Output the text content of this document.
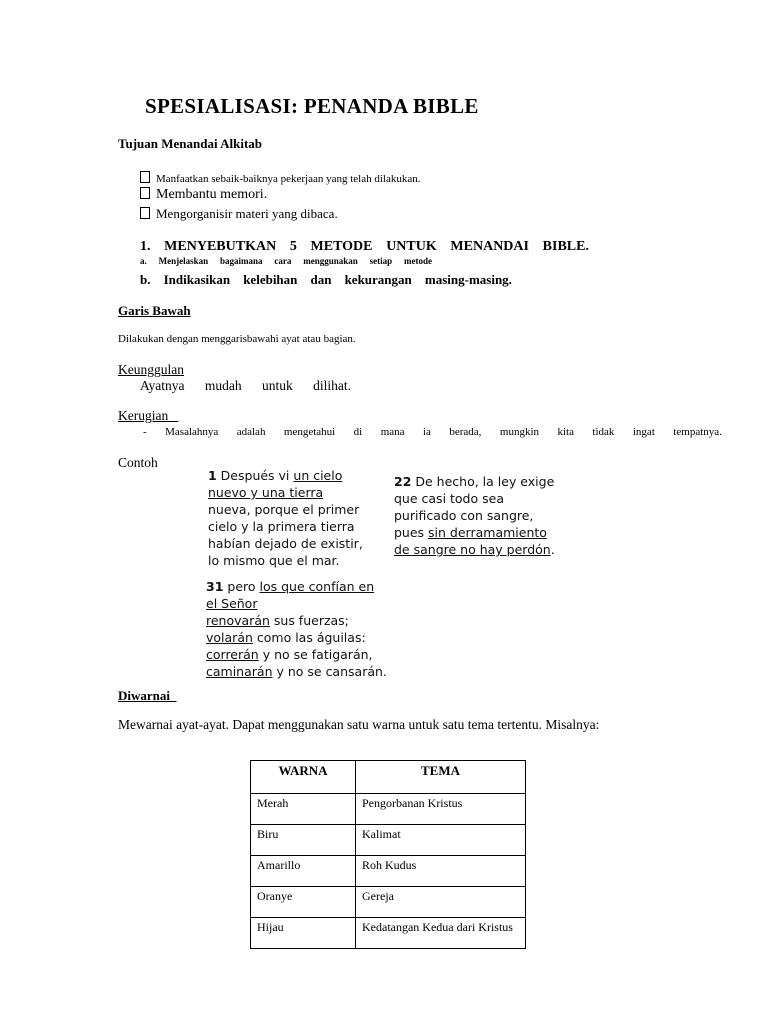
SPESIALISASI: PENANDA BIBLE
Tujuan Menandai Alkitab
Manfaatkan sebaik-baiknya pekerjaan yang telah dilakukan.
Membantu memori.
Mengorganisir materi yang dibaca.
1. MENYEBUTKAN 5 METODE UNTUK MENANDAI BIBLE.
a. Menjelaskan bagaimana cara menggunakan setiap metode
b. Indikasikan kelebihan dan kekurangan masing-masing.
Garis Bawah
Dilakukan dengan menggarisbawahi ayat atau bagian.
Keunggulan
Ayatnya mudah untuk dilihat.
Kerugian
- Masalahnya adalah mengetahui di mana ia berada, mungkin kita tidak ingat tempatnya.
Contoh
1 Después vi un cielo
nuevo y una tierra
nueva, porque el primer
cielo y la primera tierra
habían dejado de existir,
lo mismo que el mar.
22 De hecho, la ley exige
que casi todo sea
purificado con sangre,
pues sin derramamiento
de sangre no hay perdón.
31 pero los que confían en
el Señor
renovarán sus fuerzas;
volarán como las águilas:
correrán y no se fatigarán,
caminarán y no se cansarán.
Diwarnai
Mewarnai ayat-ayat. Dapat menggunakan satu warna untuk satu tema tertentu. Misalnya:
WARNA	TEMA
Merah	Pengorbanan Kristus
Biru	Kalimat
Amarillo	Roh Kudus
Oranye	Gereja
Hijau	Kedatangan Kedua dari Kristus
